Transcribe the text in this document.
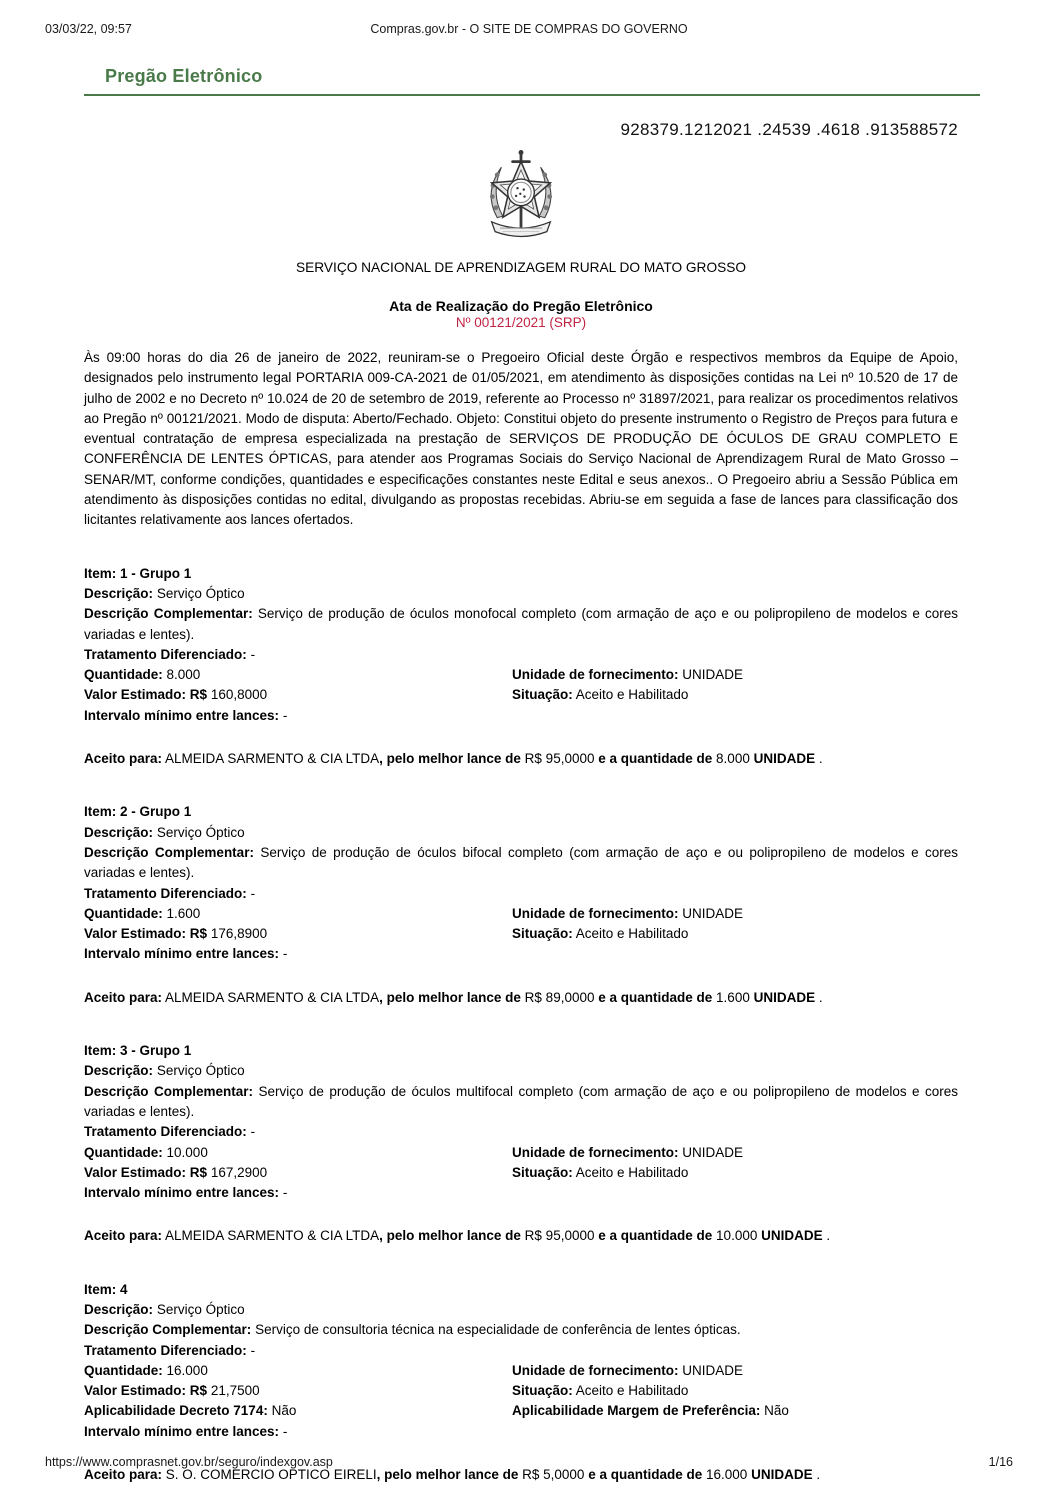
03/03/22, 09:57	Compras.gov.br - O SITE DE COMPRAS DO GOVERNO
Pregão Eletrônico
928379.1212021 .24539 .4618 .913588572
SERVIÇO NACIONAL DE APRENDIZAGEM RURAL DO MATO GROSSO
Ata de Realização do Pregão Eletrônico
Nº 00121/2021 (SRP)

Às 09:00 horas do dia 26 de janeiro de 2022, reuniram-se o Pregoeiro Oficial deste Órgão e respectivos membros da Equipe de Apoio, designados pelo instrumento legal PORTARIA 009-CA-2021 de 01/05/2021, em atendimento às disposições contidas na Lei nº 10.520 de 17 de julho de 2002 e no Decreto nº 10.024 de 20 de setembro de 2019, referente ao Processo nº 31897/2021, para realizar os procedimentos relativos ao Pregão nº 00121/2021. Modo de disputa: Aberto/Fechado. Objeto: Constitui objeto do presente instrumento o Registro de Preços para futura e eventual contratação de empresa especializada na prestação de SERVIÇOS DE PRODUÇÃO DE ÓCULOS DE GRAU COMPLETO E CONFERÊNCIA DE LENTES ÓPTICAS, para atender aos Programas Sociais do Serviço Nacional de Aprendizagem Rural de Mato Grosso – SENAR/MT, conforme condições, quantidades e especificações constantes neste Edital e seus anexos.. O Pregoeiro abriu a Sessão Pública em atendimento às disposições contidas no edital, divulgando as propostas recebidas. Abriu-se em seguida a fase de lances para classificação dos licitantes relativamente aos lances ofertados.

Item: 1 - Grupo 1
Descrição: Serviço Óptico
Descrição Complementar: Serviço de produção de óculos monofocal completo (com armação de aço e ou polipropileno de modelos e cores variadas e lentes).
Tratamento Diferenciado: -
Quantidade: 8.000	Unidade de fornecimento: UNIDADE
Valor Estimado: R$ 160,8000	Situação: Aceito e Habilitado
Intervalo mínimo entre lances: -

Aceito para: ALMEIDA SARMENTO & CIA LTDA, pelo melhor lance de R$ 95,0000 e a quantidade de 8.000 UNIDADE .

Item: 2 - Grupo 1
Descrição: Serviço Óptico
Descrição Complementar: Serviço de produção de óculos bifocal completo (com armação de aço e ou polipropileno de modelos e cores variadas e lentes).
Tratamento Diferenciado: -
Quantidade: 1.600	Unidade de fornecimento: UNIDADE
Valor Estimado: R$ 176,8900	Situação: Aceito e Habilitado
Intervalo mínimo entre lances: -

Aceito para: ALMEIDA SARMENTO & CIA LTDA, pelo melhor lance de R$ 89,0000 e a quantidade de 1.600 UNIDADE .

Item: 3 - Grupo 1
Descrição: Serviço Óptico
Descrição Complementar: Serviço de produção de óculos multifocal completo (com armação de aço e ou polipropileno de modelos e cores variadas e lentes).
Tratamento Diferenciado: -
Quantidade: 10.000	Unidade de fornecimento: UNIDADE
Valor Estimado: R$ 167,2900	Situação: Aceito e Habilitado
Intervalo mínimo entre lances: -

Aceito para: ALMEIDA SARMENTO & CIA LTDA, pelo melhor lance de R$ 95,0000 e a quantidade de 10.000 UNIDADE .

Item: 4
Descrição: Serviço Óptico
Descrição Complementar: Serviço de consultoria técnica na especialidade de conferência de lentes ópticas.
Tratamento Diferenciado: -
Quantidade: 16.000	Unidade de fornecimento: UNIDADE
Valor Estimado: R$ 21,7500	Situação: Aceito e Habilitado
Aplicabilidade Decreto 7174: Não	Aplicabilidade Margem de Preferência: Não
Intervalo mínimo entre lances: -

Aceito para: S. O. COMERCIO OPTICO EIRELI, pelo melhor lance de R$ 5,0000 e a quantidade de 16.000 UNIDADE .

https://www.comprasnet.gov.br/seguro/indexgov.asp	1/16
